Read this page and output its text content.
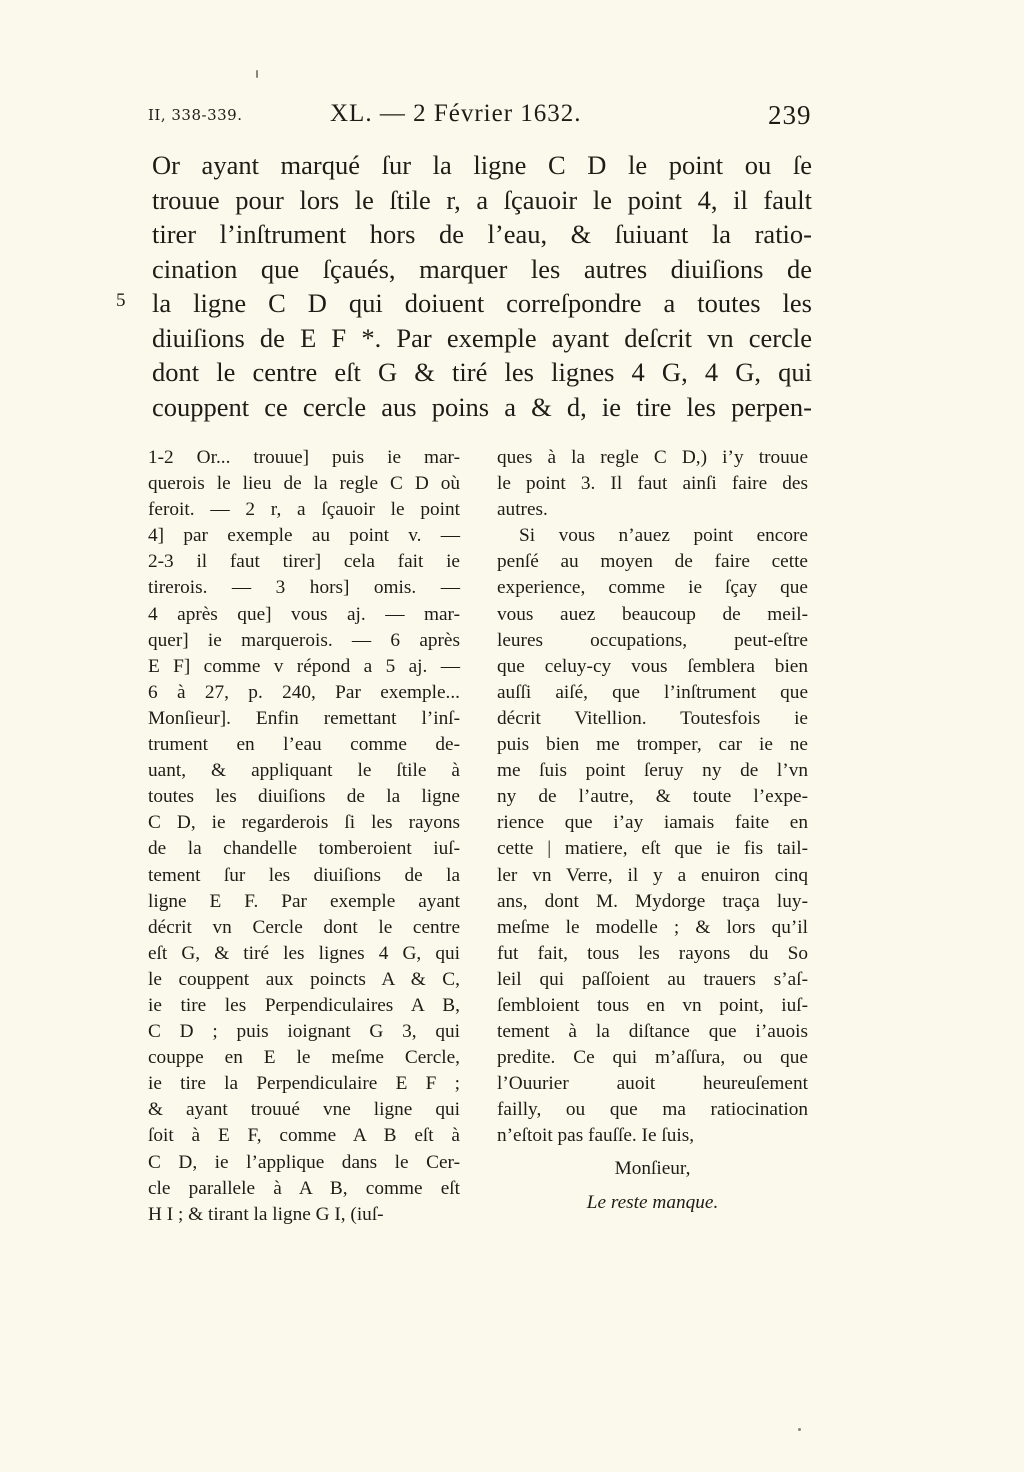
II, 338-339.	XL. — 2 Février 1632.	239
5
Or ayant marqué ſur la ligne C D le point ou ſe
trouue pour lors le ſtile r, a ſçauoir le point 4, il fault
tirer l’inſtrument hors de l’eau, & ſuiuant la ratio-
cination que ſçaués, marquer les autres diuiſions de
la ligne C D qui doiuent correſpondre a toutes les
diuiſions de E F *. Par exemple ayant deſcrit vn cercle
dont le centre eſt G & tiré les lignes 4 G, 4 G, qui
couppent ce cercle aus poins a & d, ie tire les perpen-
1-2 Or... trouue] puis ie mar-
querois le lieu de la regle C D où
feroit. — 2 r, a ſçauoir le point
4] par exemple au point v. —
2-3 il faut tirer] cela fait ie
tirerois. — 3 hors] omis. —
4 après que] vous aj. — mar-
quer] ie marquerois. — 6 après
E F] comme v répond a 5 aj. —
6 à 27, p. 240, Par exemple...
Monſieur]. Enfin remettant l’inſ-
trument en l’eau comme de-
uant, & appliquant le ſtile à
toutes les diuiſions de la ligne
C D, ie regarderois ſi les rayons
de la chandelle tomberoient iuſ-
tement ſur les diuiſions de la
ligne E F. Par exemple ayant
décrit vn Cercle dont le centre
eſt G, & tiré les lignes 4 G, qui
le couppent aux poincts A & C,
ie tire les Perpendiculaires A B,
C D ; puis ioignant G 3, qui
couppe en E le meſme Cercle,
ie tire la Perpendiculaire E F ;
& ayant trouué vne ligne qui
ſoit à E F, comme A B eſt à
C D, ie l’applique dans le Cer-
cle parallele à A B, comme eſt
H I ; & tirant la ligne G I, (iuſ-
ques à la regle C D,) i’y trouue
le point 3. Il faut ainſi faire des
autres.
Si vous n’auez point encore
penſé au moyen de faire cette
experience, comme ie ſçay que
vous auez beaucoup de meil-
leures occupations, peut-eſtre
que celuy-cy vous ſemblera bien
auſſi aiſé, que l’inſtrument que
décrit Vitellion. Toutesfois ie
puis bien me tromper, car ie ne
me ſuis point ſeruy ny de l’vn
ny de l’autre, & toute l’expe-
rience que i’ay iamais faite en
cette | matiere, eſt que ie fis tail-
ler vn Verre, il y a enuiron cinq
ans, dont M. Mydorge traça luy-
meſme le modelle ; & lors qu’il
fut fait, tous les rayons du So
leil qui paſſoient au trauers s’aſ-
ſembloient tous en vn point, iuſ-
tement à la diſtance que i’auois
predite. Ce qui m’aſſura, ou que
l’Ouurier auoit heureuſement
failly, ou que ma ratiocination
n’eſtoit pas fauſſe. Ie ſuis,
Monſieur,
Le reste manque.
